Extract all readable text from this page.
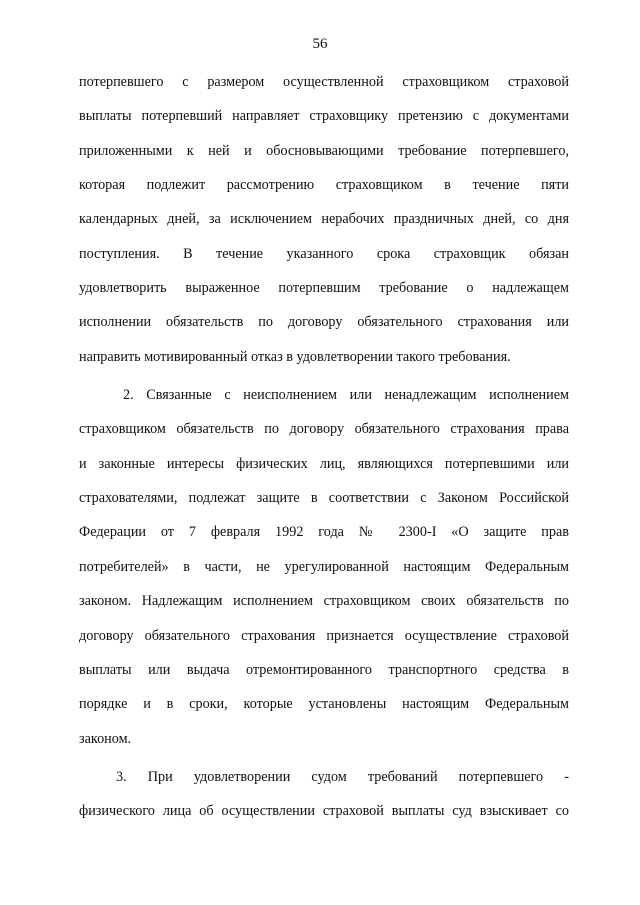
56
потерпевшего с размером осуществленной страховщиком страховой
выплаты потерпевший направляет страховщику претензию с документами
приложенными к ней и обосновывающими требование потерпевшего,
которая подлежит рассмотрению страховщиком в течение пяти
календарных дней, за исключением нерабочих праздничных дней, со дня
поступления. В течение указанного срока страховщик обязан
удовлетворить выраженное потерпевшим требование о надлежащем
исполнении обязательств по договору обязательного страхования или
направить мотивированный отказ в удовлетворении такого требования.
2. Связанные с неисполнением или ненадлежащим исполнением
страховщиком обязательств по договору обязательного страхования права
и законные интересы физических лиц, являющихся потерпевшими или
страхователями, подлежат защите в соответствии с Законом Российской
Федерации от 7 февраля 1992 года № 2300-I «О защите прав
потребителей» в части, не урегулированной настоящим Федеральным
законом. Надлежащим исполнением страховщиком своих обязательств по
договору обязательного страхования признается осуществление страховой
выплаты или выдача отремонтированного транспортного средства в
порядке и в сроки, которые установлены настоящим Федеральным
законом.
3. При удовлетворении судом требований потерпевшего -
физического лица об осуществлении страховой выплаты суд взыскивает со
